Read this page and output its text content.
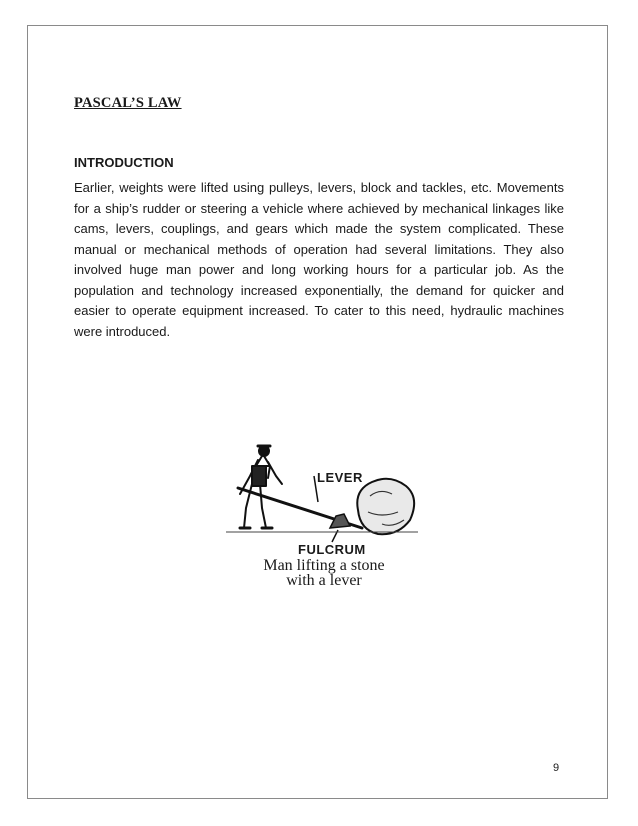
PASCAL’S LAW
INTRODUCTION
Earlier, weights were lifted using pulleys, levers, block and tackles, etc. Movements for a ship’s rudder or steering a vehicle where achieved by mechanical linkages like cams, levers, couplings, and gears which made the system complicated. These manual or mechanical methods of operation had several limitations. They also involved huge man power and long working hours for a particular job. As the population and technology increased exponentially, the demand for quicker and easier to operate equipment increased. To cater to this need, hydraulic machines were introduced.
LEVER
FULCRUM
Man lifting a stone
with a lever
9
